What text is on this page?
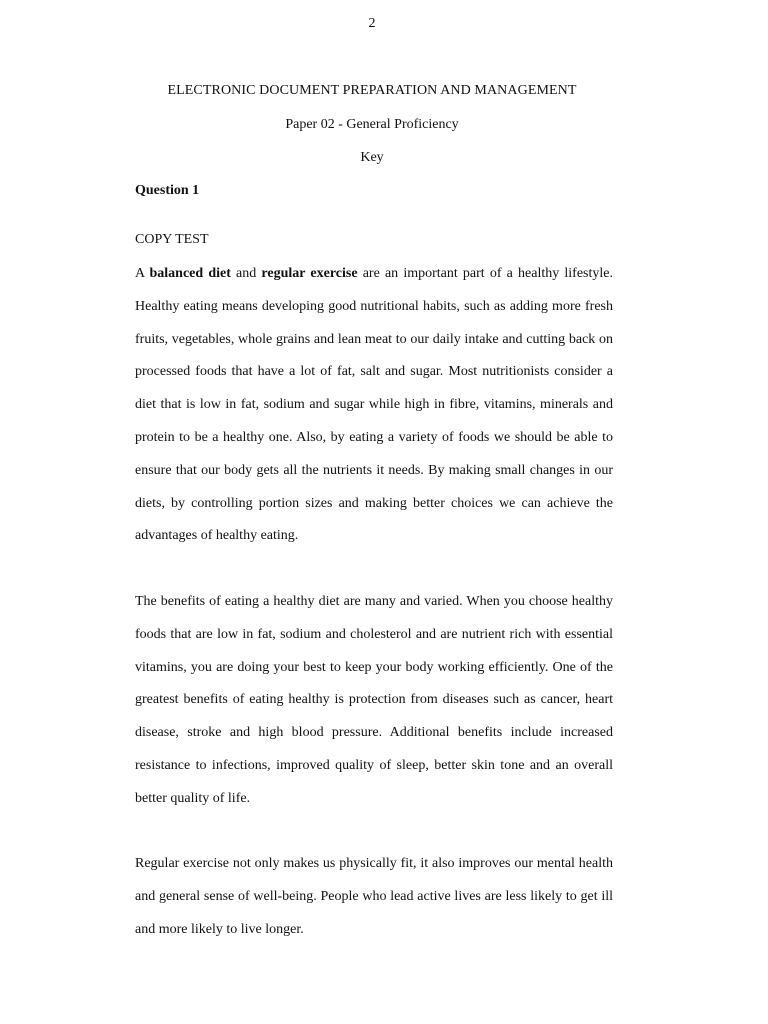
2
ELECTRONIC DOCUMENT PREPARATION AND MANAGEMENT
Paper 02 - General Proficiency
Key
Question 1
COPY TEST
A balanced diet and regular exercise are an important part of a healthy lifestyle.
Healthy eating means developing good nutritional habits, such as adding more fresh
fruits, vegetables, whole grains and lean meat to our daily intake and cutting back on
processed foods that have a lot of fat, salt and sugar. Most nutritionists consider a
diet that is low in fat, sodium and sugar while high in fibre, vitamins, minerals and
protein to be a healthy one. Also, by eating a variety of foods we should be able to
ensure that our body gets all the nutrients it needs. By making small changes in our
diets, by controlling portion sizes and making better choices we can achieve the
advantages of healthy eating.
The benefits of eating a healthy diet are many and varied. When you choose healthy
foods that are low in fat, sodium and cholesterol and are nutrient rich with essential
vitamins, you are doing your best to keep your body working efficiently. One of the
greatest benefits of eating healthy is protection from diseases such as cancer, heart
disease, stroke and high blood pressure. Additional benefits include increased
resistance to infections, improved quality of sleep, better skin tone and an overall
better quality of life.
Regular exercise not only makes us physically fit, it also improves our mental health
and general sense of well-being. People who lead active lives are less likely to get ill
and more likely to live longer.
